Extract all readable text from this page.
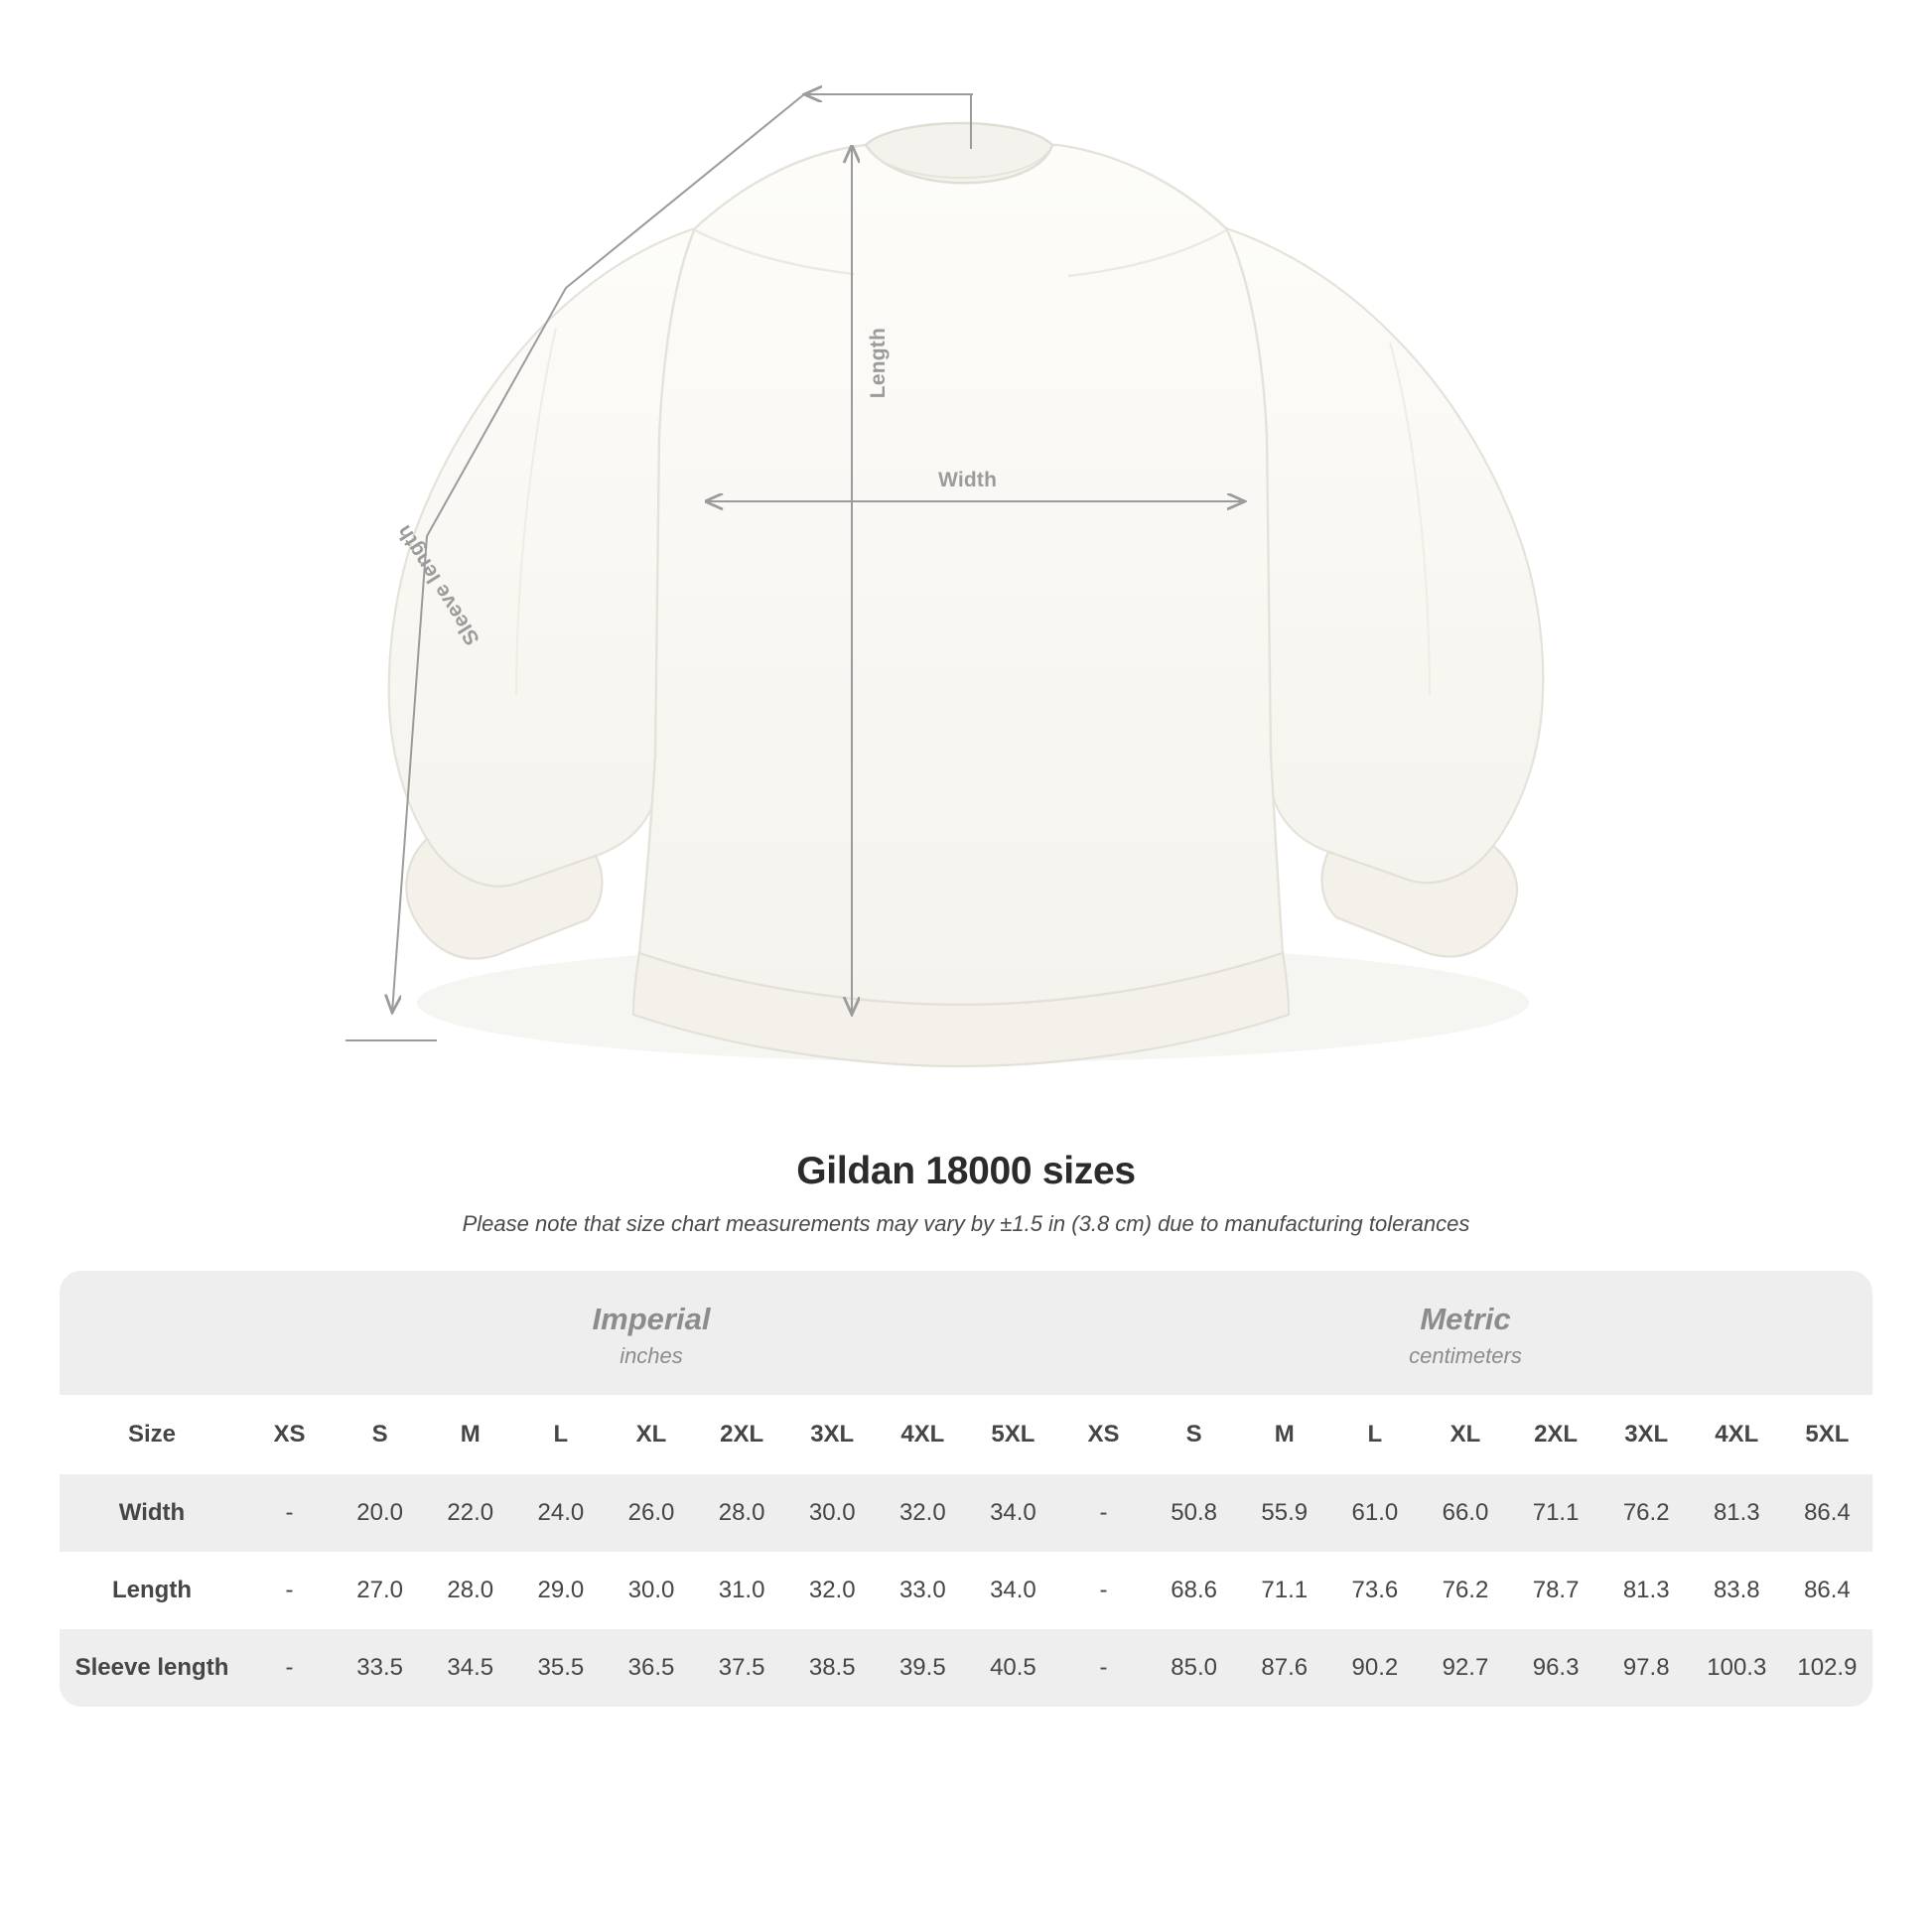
Width
Length
Sleeve length
Gildan 18000 sizes
Please note that size chart measurements may vary by ±1.5 in (3.8 cm) due to manufacturing tolerances

Imperial
inches

Metric
centimeters

Size	XS	S	M	L	XL	2XL	3XL	4XL	5XL	XS	S	M	L	XL	2XL	3XL	4XL	5XL
Width	-	20.0	22.0	24.0	26.0	28.0	30.0	32.0	34.0	-	50.8	55.9	61.0	66.0	71.1	76.2	81.3	86.4
Length	-	27.0	28.0	29.0	30.0	31.0	32.0	33.0	34.0	-	68.6	71.1	73.6	76.2	78.7	81.3	83.8	86.4
Sleeve length	-	33.5	34.5	35.5	36.5	37.5	38.5	39.5	40.5	-	85.0	87.6	90.2	92.7	96.3	97.8	100.3	102.9
